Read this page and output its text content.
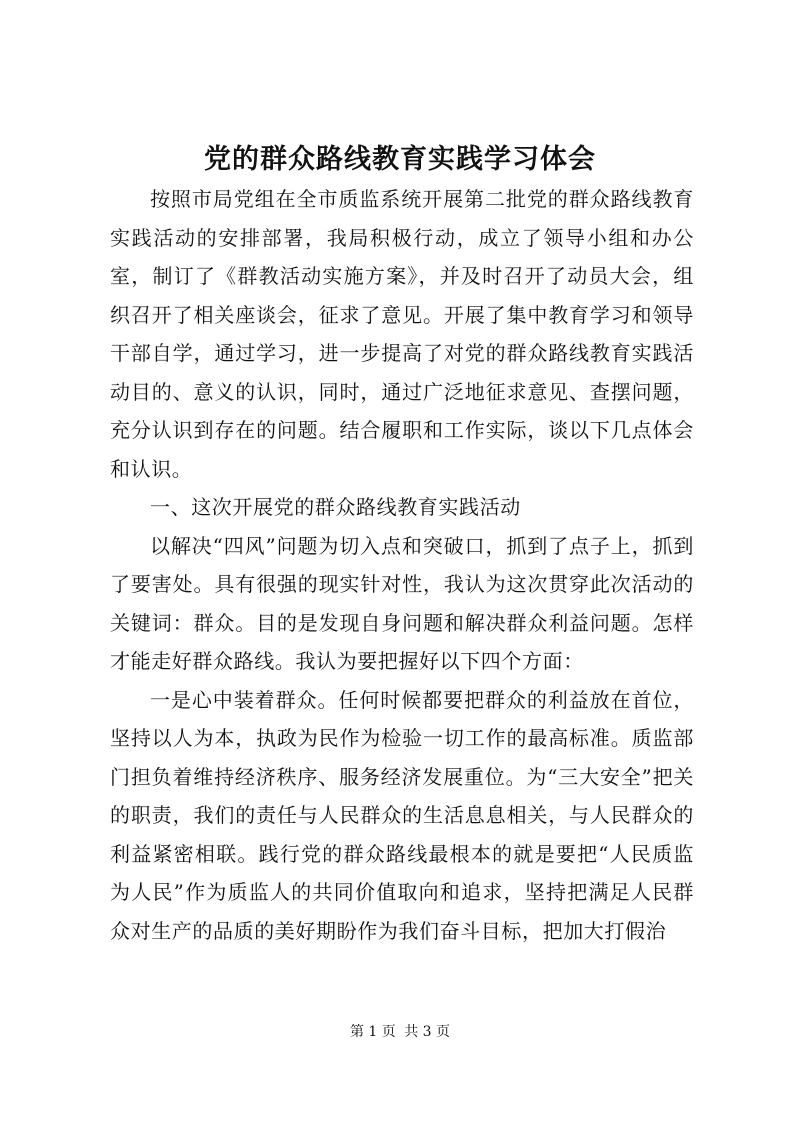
党的群众路线教育实践学习体会

按照市局党组在全市质监系统开展第二批党的群众路线教育实践活动的安排部署，我局积极行动，成立了领导小组和办公室，制订了《群教活动实施方案》，并及时召开了动员大会，组织召开了相关座谈会，征求了意见。开展了集中教育学习和领导干部自学，通过学习，进一步提高了对党的群众路线教育实践活动目的、意义的认识，同时，通过广泛地征求意见、查摆问题，充分认识到存在的问题。结合履职和工作实际，谈以下几点体会和认识。

一、这次开展党的群众路线教育实践活动

以解决“四风”问题为切入点和突破口，抓到了点子上，抓到了要害处。具有很强的现实针对性，我认为这次贯穿此次活动的关键词：群众。目的是发现自身问题和解决群众利益问题。怎样才能走好群众路线。我认为要把握好以下四个方面：

一是心中装着群众。任何时候都要把群众的利益放在首位，坚持以人为本，执政为民作为检验一切工作的最高标准。质监部门担负着维持经济秩序、服务经济发展重位。为“三大安全”把关的职责，我们的责任与人民群众的生活息息相关，与人民群众的利益紧密相联。践行党的群众路线最根本的就是要把“人民质监为人民”作为质监人的共同价值取向和追求，坚持把满足人民群众对生产的品质的美好期盼作为我们奋斗目标，把加大打假治

第 1 页 共 3 页
